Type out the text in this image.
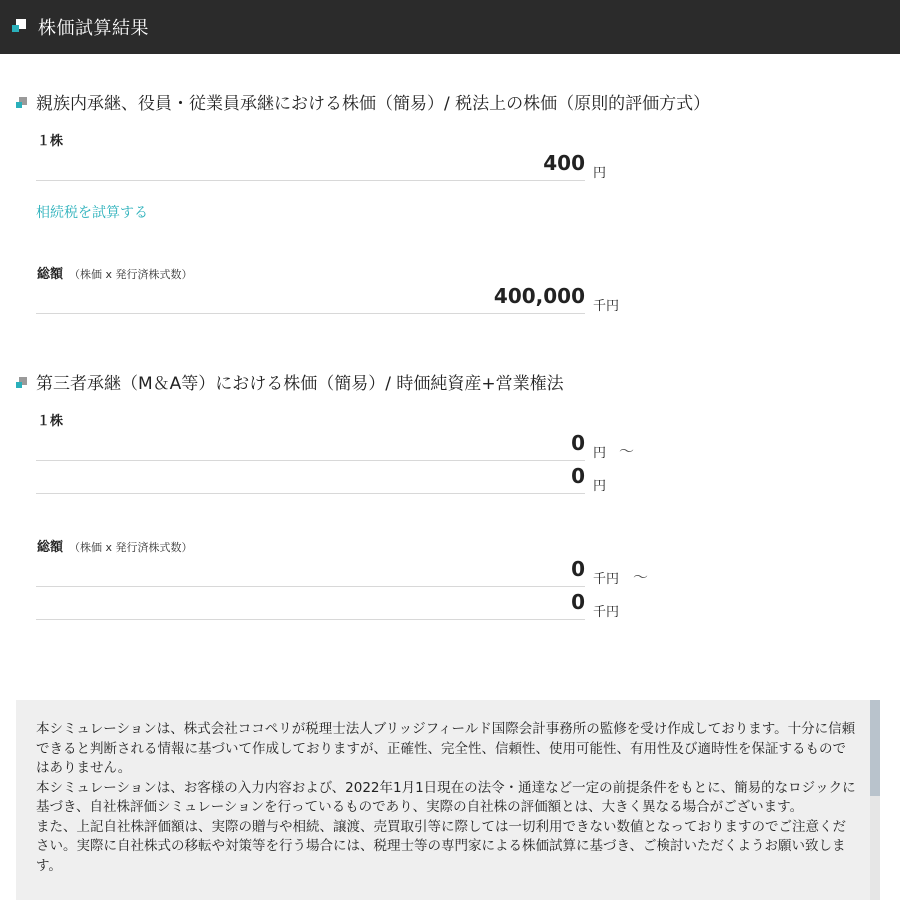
株価試算結果
親族内承継、役員・従業員承継における株価（簡易）/ 税法上の株価（原則的評価方式）
１株
400 円
相続税を試算する
総額 （株価 x 発行済株式数）
400,000 千円
第三者承継（M＆A等）における株価（簡易）/ 時価純資産+営業権法
１株
0 円 〜
0 円
総額 （株価 x 発行済株式数）
0 千円 〜
0 千円
本シミュレーションは、株式会社ココペリが税理士法人ブリッジフィールド国際会計事務所の監修を受け作成しております。十分に信頼できると判断される情報に基づいて作成しておりますが、正確性、完全性、信頼性、使用可能性、有用性及び適時性を保証するものではありません。
本シミュレーションは、お客様の入力内容および、2022年1月1日現在の法令・通達など一定の前提条件をもとに、簡易的なロジックに基づき、自社株評価シミュレーションを行っているものであり、実際の自社株の評価額とは、大きく異なる場合がございます。
また、上記自社株評価額は、実際の贈与や相続、譲渡、売買取引等に際しては一切利用できない数値となっておりますのでご注意ください。実際に自社株式の移転や対策等を行う場合には、税理士等の専門家による株価試算に基づき、ご検討いただくようお願い致します。
